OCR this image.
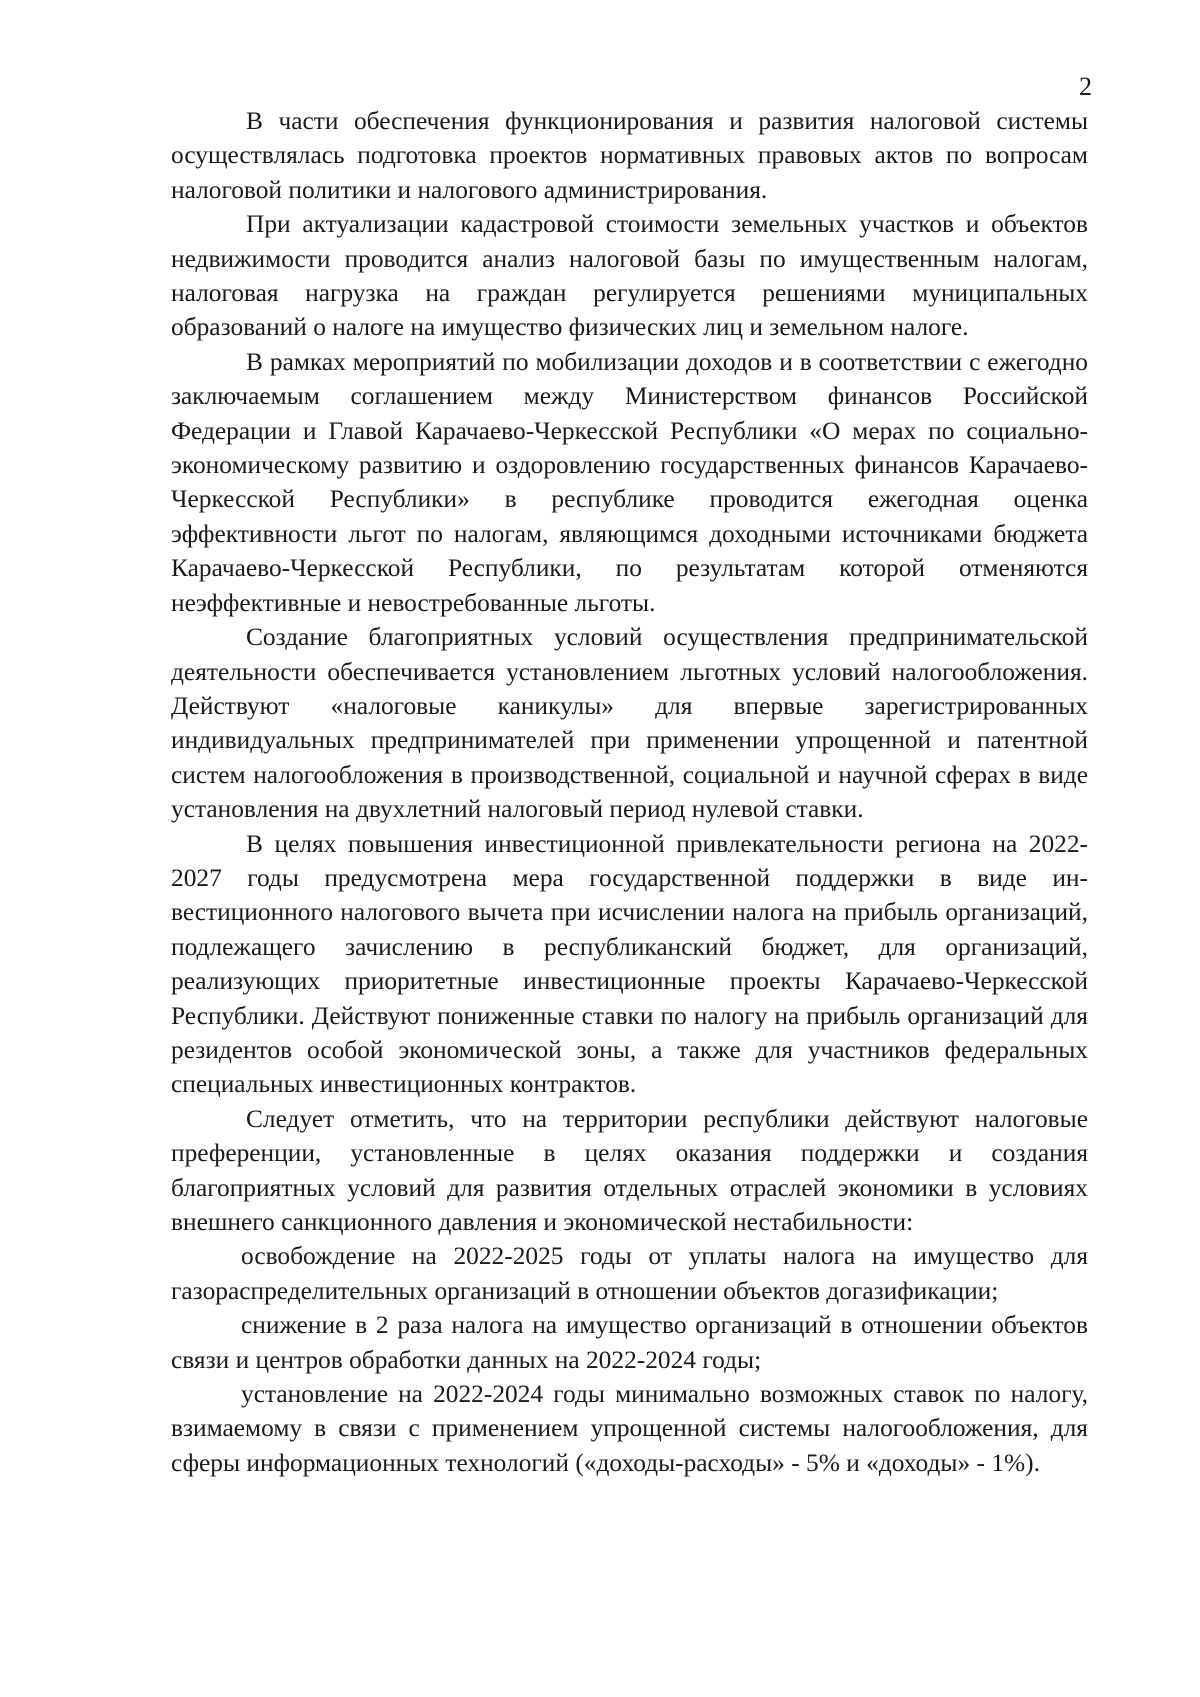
2

В части обеспечения функционирования и развития налоговой системы осуществлялась подготовка проектов нормативных правовых актов по вопросам налоговой политики и налогового администрирования.

При актуализации кадастровой стоимости земельных участков и объектов недвижимости проводится анализ налоговой базы по имущественным налогам, налоговая нагрузка на граждан регулируется решениями муниципальных образований о налоге на имущество физических лиц и земельном налоге.

В рамках мероприятий по мобилизации доходов и в соответствии с ежегодно заключаемым соглашением между Министерством финансов Российской Федерации и Главой Карачаево-Черкесской Республики «О мерах по социально-экономическому развитию и оздоровлению государственных финансов Карачаево-Черкесской Республики» в республике проводится ежегодная оценка эффективности льгот по налогам, являющимся доходными источниками бюджета Карачаево-Черкесской Республики, по результатам которой отменяются неэффективные и невостребованные льготы.

Создание благоприятных условий осуществления предпринимательской деятельности обеспечивается установлением льготных условий налогообложения. Действуют «налоговые каникулы» для впервые зарегистрированных индивидуальных предпринимателей при применении упрощенной и патентной систем налогообложения в производственной, социальной и научной сферах в виде установления на двухлетний налоговый период нулевой ставки.

В целях повышения инвестиционной привлекательности региона на 2022-2027 годы предусмотрена мера государственной поддержки в виде инвестиционного налогового вычета при исчислении налога на прибыль организаций, подлежащего зачислению в республиканский бюджет, для организаций, реализующих приоритетные инвестиционные проекты Карачаево-Черкесской Республики. Действуют пониженные ставки по налогу на прибыль организаций для резидентов особой экономической зоны, а также для участников федеральных специальных инвестиционных контрактов.

Следует отметить, что на территории республики действуют налоговые преференции, установленные в целях оказания поддержки и создания благоприятных условий для развития отдельных отраслей экономики в условиях внешнего санкционного давления и экономической нестабильности:

освобождение на 2022-2025 годы от уплаты налога на имущество для газораспределительных организаций в отношении объектов догазификации;

снижение в 2 раза налога на имущество организаций в отношении объектов связи и центров обработки данных на 2022-2024 годы;

установление на 2022-2024 годы минимально возможных ставок по налогу, взимаемому в связи с применением упрощенной системы налогообложения, для сферы информационных технологий («доходы-расходы» - 5% и «доходы» - 1%).
